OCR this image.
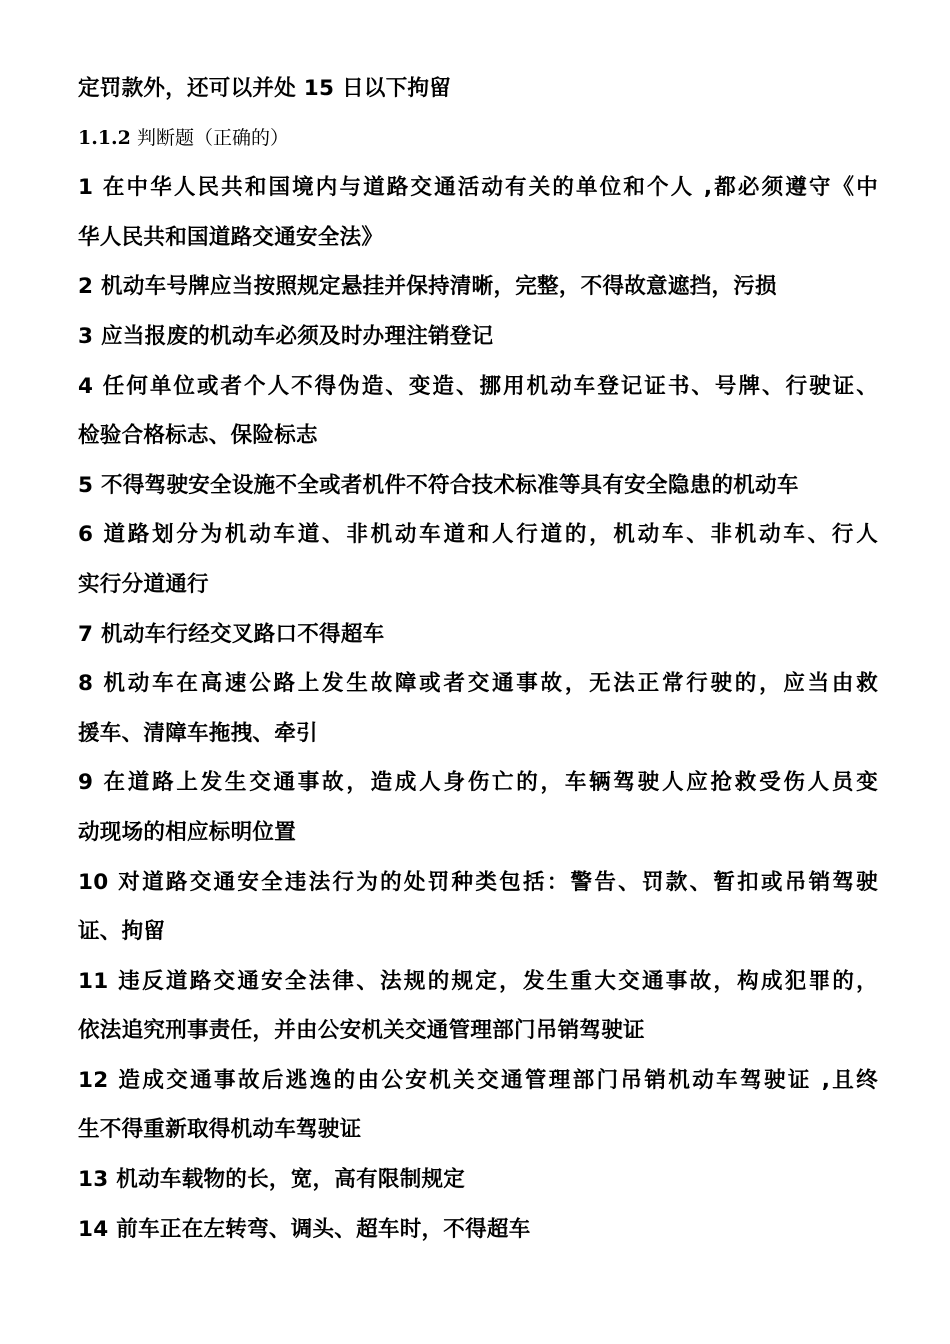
定罚款外，还可以并处 15 日以下拘留
1.1.2 判断题（正确的）
1 在中华人民共和国境内与道路交通活动有关的单位和个人 ,都必须遵守《中
华人民共和国道路交通安全法》
2 机动车号牌应当按照规定悬挂并保持清晰，完整，不得故意遮挡，污损
3 应当报废的机动车必须及时办理注销登记
4 任何单位或者个人不得伪造、变造、挪用机动车登记证书、号牌、行驶证、
检验合格标志、保险标志
5 不得驾驶安全设施不全或者机件不符合技术标准等具有安全隐患的机动车
6 道路划分为机动车道、非机动车道和人行道的，机动车、非机动车、行人
实行分道通行
7 机动车行经交叉路口不得超车
8 机动车在高速公路上发生故障或者交通事故，无法正常行驶的，应当由救
援车、清障车拖拽、牵引
9 在道路上发生交通事故，造成人身伤亡的，车辆驾驶人应抢救受伤人员变
动现场的相应标明位置
10 对道路交通安全违法行为的处罚种类包括：警告、罚款、暂扣或吊销驾驶
证、拘留
11 违反道路交通安全法律、法规的规定，发生重大交通事故，构成犯罪的，
依法追究刑事责任，并由公安机关交通管理部门吊销驾驶证
12 造成交通事故后逃逸的由公安机关交通管理部门吊销机动车驾驶证 ,且终
生不得重新取得机动车驾驶证
13 机动车载物的长，宽，高有限制规定
14 前车正在左转弯、调头、超车时，不得超车
